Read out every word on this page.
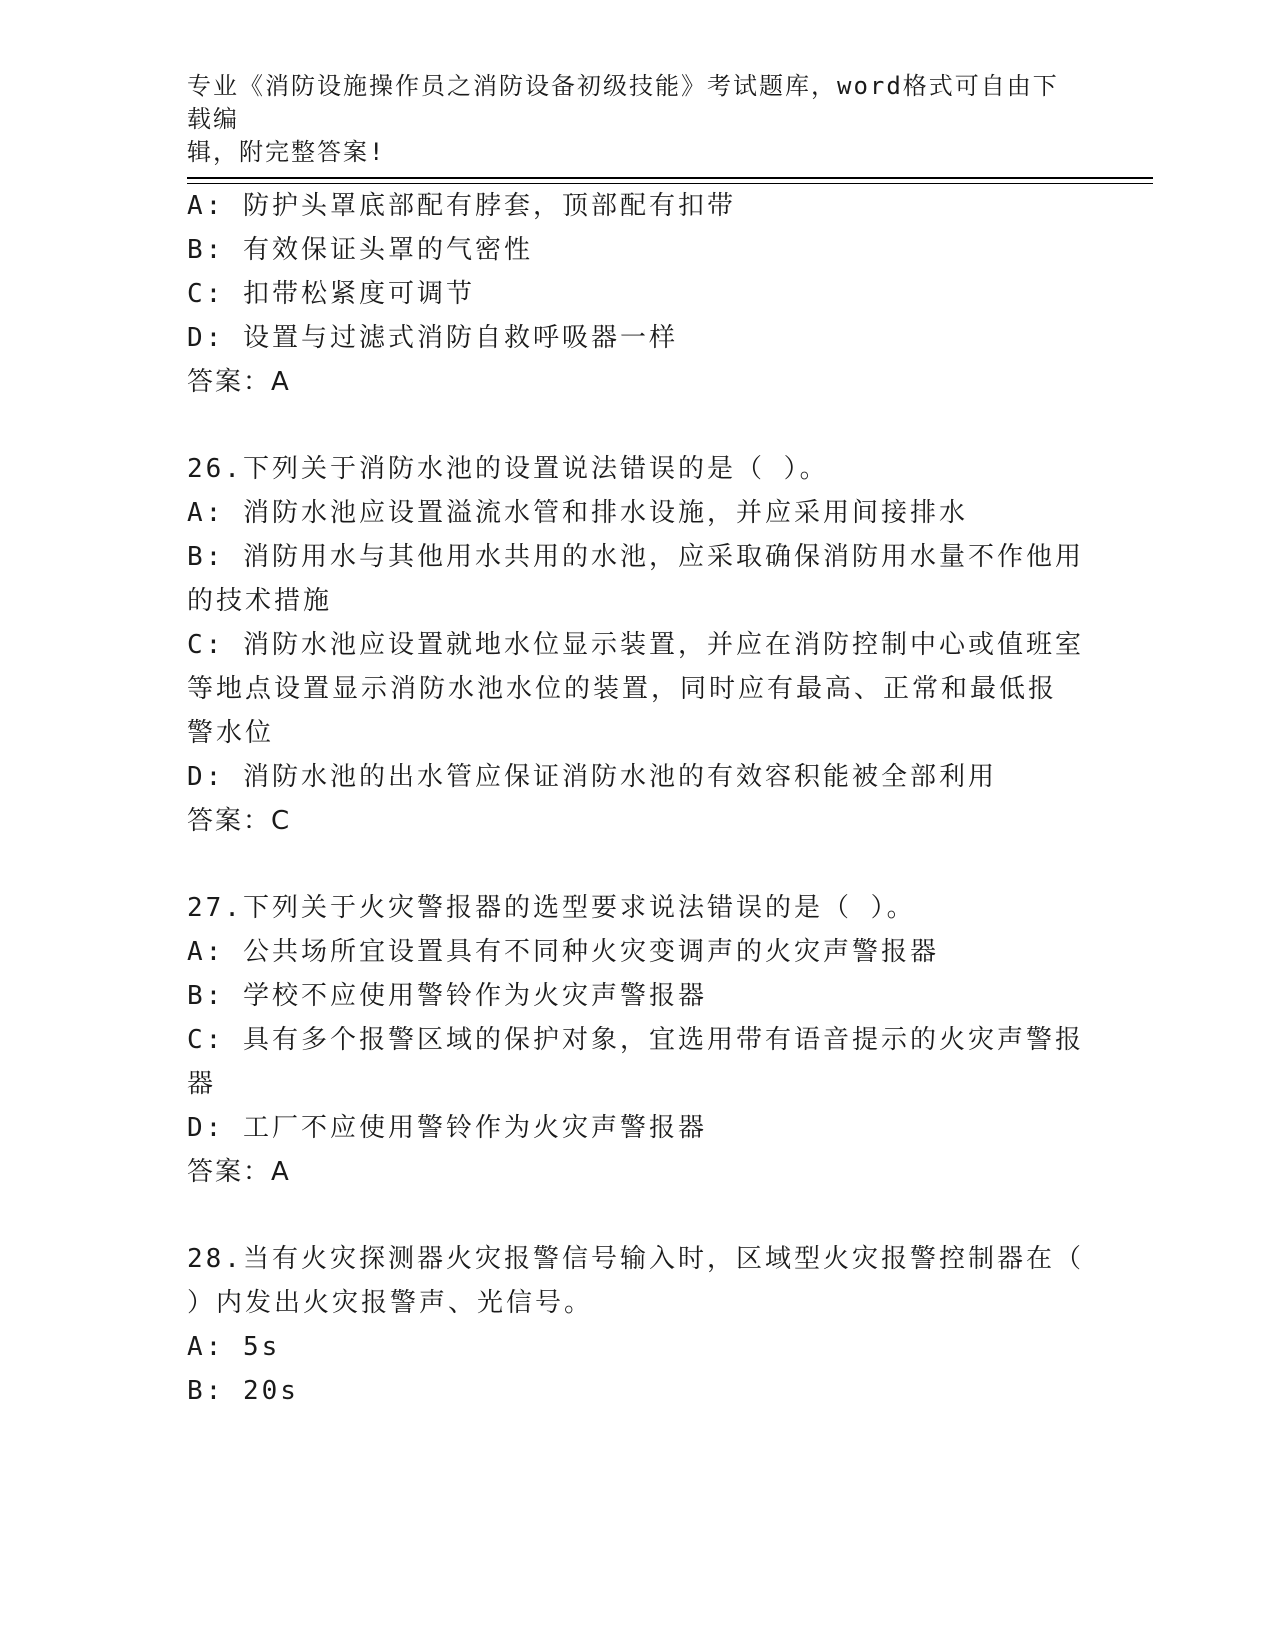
专业《消防设施操作员之消防设备初级技能》考试题库，word格式可自由下载编
辑，附完整答案!
A: 防护头罩底部配有脖套，顶部配有扣带
B: 有效保证头罩的气密性
C: 扣带松紧度可调节
D: 设置与过滤式消防自救呼吸器一样
答案：A
26.下列关于消防水池的设置说法错误的是（ ）。
A: 消防水池应设置溢流水管和排水设施，并应采用间接排水
B: 消防用水与其他用水共用的水池，应采取确保消防用水量不作他用
的技术措施
C: 消防水池应设置就地水位显示装置，并应在消防控制中心或值班室
等地点设置显示消防水池水位的装置，同时应有最高、正常和最低报
警水位
D: 消防水池的出水管应保证消防水池的有效容积能被全部利用
答案：C
27.下列关于火灾警报器的选型要求说法错误的是（ ）。
A: 公共场所宜设置具有不同种火灾变调声的火灾声警报器
B: 学校不应使用警铃作为火灾声警报器
C: 具有多个报警区域的保护对象，宜选用带有语音提示的火灾声警报
器
D: 工厂不应使用警铃作为火灾声警报器
答案：A
28.当有火灾探测器火灾报警信号输入时，区域型火灾报警控制器在（
）内发出火灾报警声、光信号。
A: 5s
B: 20s
